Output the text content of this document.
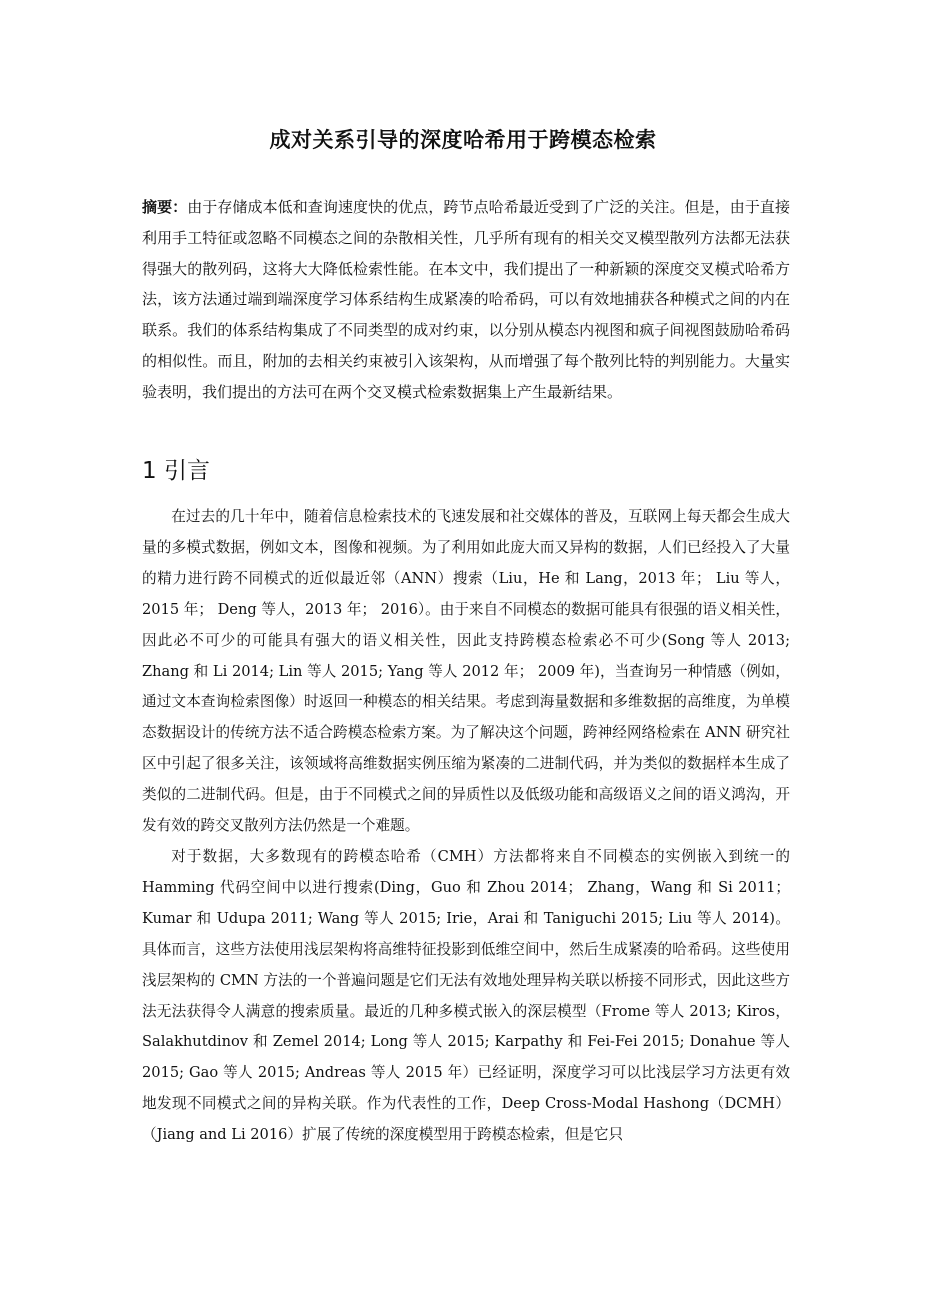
成对关系引导的深度哈希用于跨模态检索

摘要：由于存储成本低和查询速度快的优点，跨节点哈希最近受到了广泛的关注。但是，由于直接利用手工特征或忽略不同模态之间的杂散相关性，几乎所有现有的相关交叉模型散列方法都无法获得强大的散列码，这将大大降低检索性能。在本文中，我们提出了一种新颖的深度交叉模式哈希方法，该方法通过端到端深度学习体系结构生成紧凑的哈希码，可以有效地捕获各种模式之间的内在联系。我们的体系结构集成了不同类型的成对约束，以分别从模态内视图和疯子间视图鼓励哈希码的相似性。而且，附加的去相关约束被引入该架构，从而增强了每个散列比特的判别能力。大量实验表明，我们提出的方法可在两个交叉模式检索数据集上产生最新结果。

1 引言

在过去的几十年中，随着信息检索技术的飞速发展和社交媒体的普及，互联网上每天都会生成大量的多模式数据，例如文本，图像和视频。为了利用如此庞大而又异构的数据，人们已经投入了大量的精力进行跨不同模式的近似最近邻（ANN）搜索（Liu，He 和 Lang，2013 年； Liu 等人，2015 年； Deng 等人，2013 年； 2016）。由于来自不同模态的数据可能具有很强的语义相关性，因此必不可少的可能具有强大的语义相关性，因此支持跨模态检索必不可少(Song 等人 2013; Zhang 和 Li 2014; Lin 等人 2015; Yang 等人 2012 年； 2009 年)，当查询另一种情感（例如，通过文本查询检索图像）时返回一种模态的相关结果。考虑到海量数据和多维数据的高维度，为单模态数据设计的传统方法不适合跨模态检索方案。为了解决这个问题，跨神经网络检索在 ANN 研究社区中引起了很多关注，该领域将高维数据实例压缩为紧凑的二进制代码，并为类似的数据样本生成了类似的二进制代码。但是，由于不同模式之间的异质性以及低级功能和高级语义之间的语义鸿沟，开发有效的跨交叉散列方法仍然是一个难题。

对于数据，大多数现有的跨模态哈希（CMH）方法都将来自不同模态的实例嵌入到统一的 Hamming 代码空间中以进行搜索(Ding，Guo 和 Zhou 2014； Zhang，Wang 和 Si 2011； Kumar 和 Udupa 2011; Wang 等人 2015; Irie，Arai 和 Taniguchi 2015; Liu 等人 2014)。具体而言，这些方法使用浅层架构将高维特征投影到低维空间中，然后生成紧凑的哈希码。这些使用浅层架构的 CMN 方法的一个普遍问题是它们无法有效地处理异构关联以桥接不同形式，因此这些方法无法获得令人满意的搜索质量。最近的几种多模式嵌入的深层模型（Frome 等人 2013; Kiros，Salakhutdinov 和 Zemel 2014; Long 等人 2015; Karpathy 和 Fei-Fei 2015; Donahue 等人 2015; Gao 等人 2015; Andreas 等人 2015 年）已经证明，深度学习可以比浅层学习方法更有效地发现不同模式之间的异构关联。作为代表性的工作，Deep Cross-Modal Hashong（DCMH）（Jiang and Li 2016）扩展了传统的深度模型用于跨模态检索，但是它只
